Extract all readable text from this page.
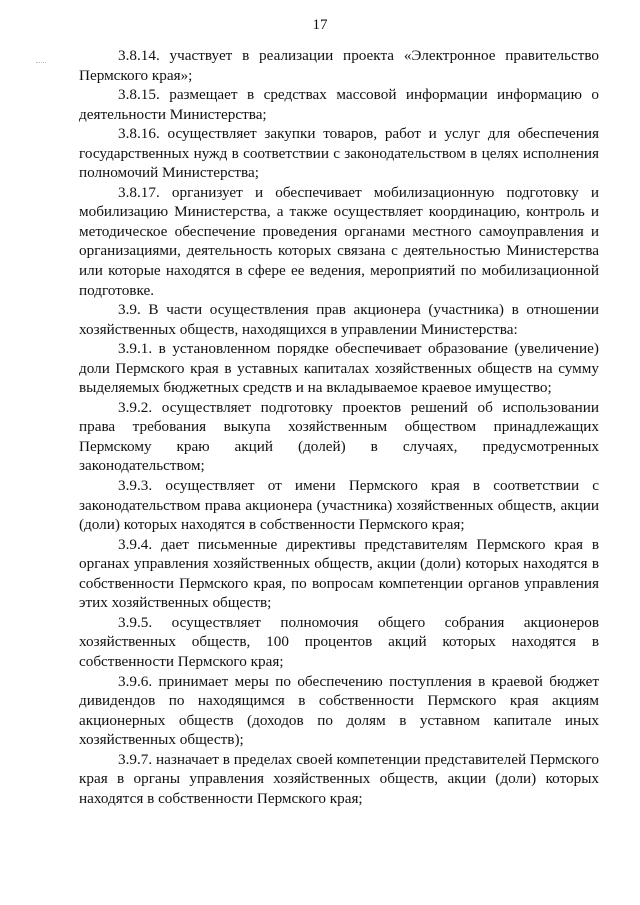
17

3.8.14. участвует в реализации проекта «Электронное правительство Пермского края»;

3.8.15. размещает в средствах массовой информации информацию о деятельности Министерства;

3.8.16. осуществляет закупки товаров, работ и услуг для обеспечения государственных нужд в соответствии с законодательством в целях исполнения полномочий Министерства;

3.8.17. организует и обеспечивает мобилизационную подготовку и мобилизацию Министерства, а также осуществляет координацию, контроль и методическое обеспечение проведения органами местного самоуправления и организациями, деятельность которых связана с деятельностью Министерства или которые находятся в сфере ее ведения, мероприятий по мобилизационной подготовке.

3.9. В части осуществления прав акционера (участника) в отношении хозяйственных обществ, находящихся в управлении Министерства:

3.9.1. в установленном порядке обеспечивает образование (увеличение) доли Пермского края в уставных капиталах хозяйственных обществ на сумму выделяемых бюджетных средств и на вкладываемое краевое имущество;

3.9.2. осуществляет подготовку проектов решений об использовании права требования выкупа хозяйственным обществом принадлежащих Пермскому краю акций (долей) в случаях, предусмотренных законодательством;

3.9.3. осуществляет от имени Пермского края в соответствии с законодательством права акционера (участника) хозяйственных обществ, акции (доли) которых находятся в собственности Пермского края;

3.9.4. дает письменные директивы представителям Пермского края в органах управления хозяйственных обществ, акции (доли) которых находятся в собственности Пермского края, по вопросам компетенции органов управления этих хозяйственных обществ;

3.9.5. осуществляет полномочия общего собрания акционеров хозяйственных обществ, 100 процентов акций которых находятся в собственности Пермского края;

3.9.6. принимает меры по обеспечению поступления в краевой бюджет дивидендов по находящимся в собственности Пермского края акциям акционерных обществ (доходов по долям в уставном капитале иных хозяйственных обществ);

3.9.7. назначает в пределах своей компетенции представителей Пермского края в органы управления хозяйственных обществ, акции (доли) которых находятся в собственности Пермского края;
